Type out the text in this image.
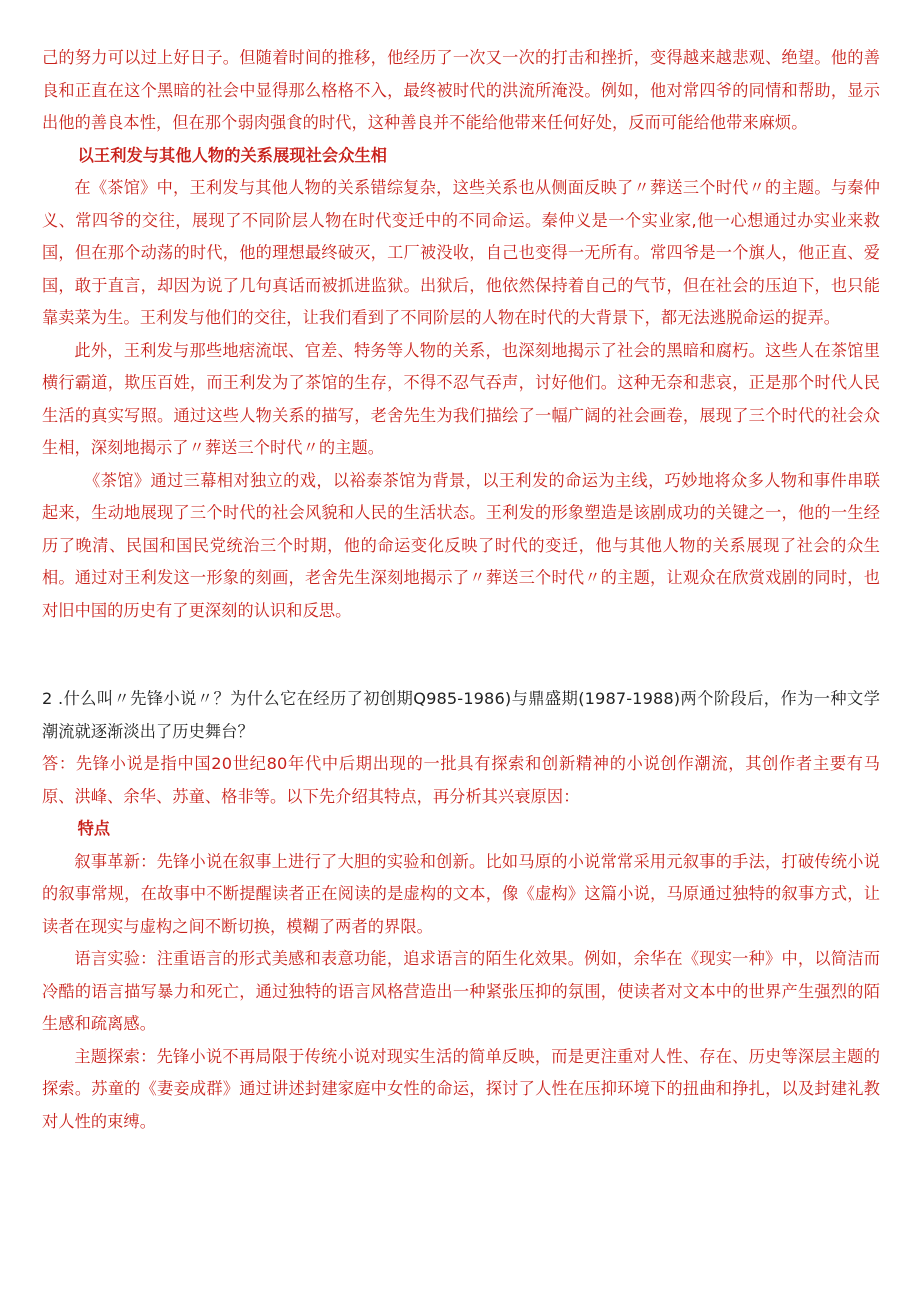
己的努力可以过上好日子。但随着时间的推移，他经历了一次又一次的打击和挫折，变得越来越悲观、绝望。他的善良和正直在这个黑暗的社会中显得那么格格不入，最终被时代的洪流所淹没。例如，他对常四爷的同情和帮助，显示出他的善良本性，但在那个弱肉强食的时代，这种善良并不能给他带来任何好处，反而可能给他带来麻烦。

以王利发与其他人物的关系展现社会众生相

在《茶馆》中，王利发与其他人物的关系错综复杂，这些关系也从侧面反映了〃葬送三个时代〃的主题。与秦仲义、常四爷的交往，展现了不同阶层人物在时代变迁中的不同命运。秦仲义是一个实业家,他一心想通过办实业来救国，但在那个动荡的时代，他的理想最终破灭，工厂被没收，自己也变得一无所有。常四爷是一个旗人，他正直、爱国，敢于直言，却因为说了几句真话而被抓进监狱。出狱后，他依然保持着自己的气节，但在社会的压迫下，也只能靠卖菜为生。王利发与他们的交往，让我们看到了不同阶层的人物在时代的大背景下，都无法逃脱命运的捉弄。

此外，王利发与那些地痞流氓、官差、特务等人物的关系，也深刻地揭示了社会的黑暗和腐朽。这些人在茶馆里横行霸道，欺压百姓，而王利发为了茶馆的生存，不得不忍气吞声，讨好他们。这种无奈和悲哀，正是那个时代人民生活的真实写照。通过这些人物关系的描写，老舍先生为我们描绘了一幅广阔的社会画卷，展现了三个时代的社会众生相，深刻地揭示了〃葬送三个时代〃的主题。

《茶馆》通过三幕相对独立的戏，以裕泰茶馆为背景，以王利发的命运为主线，巧妙地将众多人物和事件串联起来，生动地展现了三个时代的社会风貌和人民的生活状态。王利发的形象塑造是该剧成功的关键之一，他的一生经历了晚清、民国和国民党统治三个时期，他的命运变化反映了时代的变迁，他与其他人物的关系展现了社会的众生相。通过对王利发这一形象的刻画，老舍先生深刻地揭示了〃葬送三个时代〃的主题，让观众在欣赏戏剧的同时，也对旧中国的历史有了更深刻的认识和反思。

2 .什么叫〃先锋小说〃？为什么它在经历了初创期Q985-1986)与鼎盛期(1987-1988)两个阶段后，作为一种文学潮流就逐渐淡出了历史舞台？

答：先锋小说是指中国20世纪80年代中后期出现的一批具有探索和创新精神的小说创作潮流，其创作者主要有马原、洪峰、余华、苏童、格非等。以下先介绍其特点，再分析其兴衰原因：

特点

叙事革新：先锋小说在叙事上进行了大胆的实验和创新。比如马原的小说常常采用元叙事的手法，打破传统小说的叙事常规，在故事中不断提醒读者正在阅读的是虚构的文本，像《虚构》这篇小说，马原通过独特的叙事方式，让读者在现实与虚构之间不断切换，模糊了两者的界限。

语言实验：注重语言的形式美感和表意功能，追求语言的陌生化效果。例如，余华在《现实一种》中，以简洁而冷酷的语言描写暴力和死亡，通过独特的语言风格营造出一种紧张压抑的氛围，使读者对文本中的世界产生强烈的陌生感和疏离感。

主题探索：先锋小说不再局限于传统小说对现实生活的简单反映，而是更注重对人性、存在、历史等深层主题的探索。苏童的《妻妾成群》通过讲述封建家庭中女性的命运，探讨了人性在压抑环境下的扭曲和挣扎，以及封建礼教对人性的束缚。
